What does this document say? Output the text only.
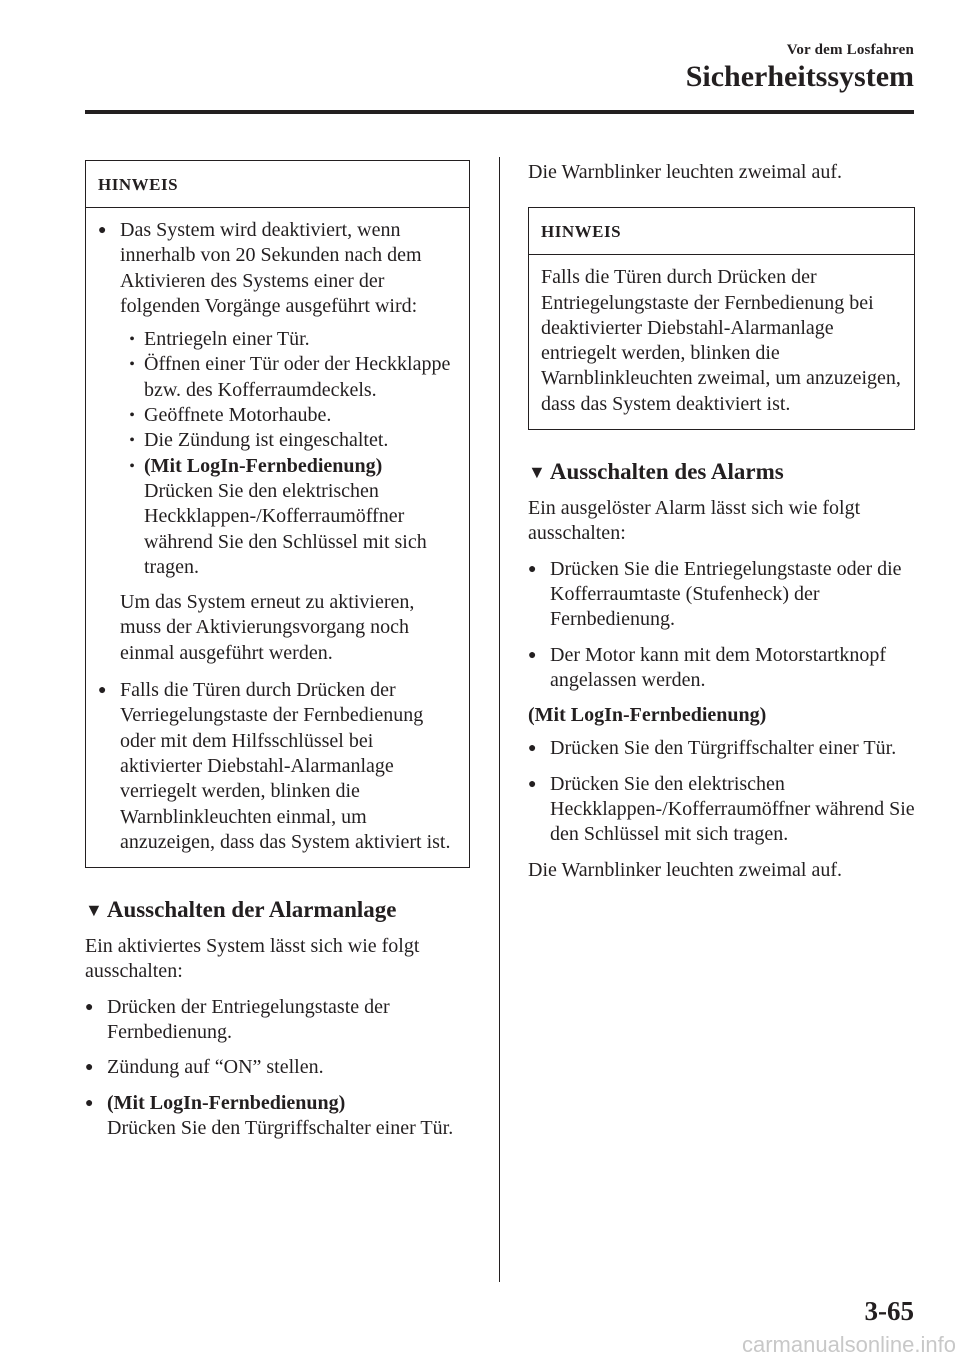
Vor dem Losfahren
Sicherheitssystem
HINWEIS
● Das System wird deaktiviert, wenn innerhalb von 20 Sekunden nach dem Aktivieren des Systems einer der folgenden Vorgänge ausgeführt wird:
• Entriegeln einer Tür.
• Öffnen einer Tür oder der Heckklappe bzw. des Kofferraumdeckels.
• Geöffnete Motorhaube.
• Die Zündung ist eingeschaltet.
• (Mit LogIn-Fernbedienung)
Drücken Sie den elektrischen Heckklappen-/Kofferraumöffner während Sie den Schlüssel mit sich tragen.
Um das System erneut zu aktivieren, muss der Aktivierungsvorgang noch einmal ausgeführt werden.
● Falls die Türen durch Drücken der Verriegelungstaste der Fernbedienung oder mit dem Hilfsschlüssel bei aktivierter Diebstahl-Alarmanlage verriegelt werden, blinken die Warnblinkleuchten einmal, um anzuzeigen, dass das System aktiviert ist.
▼ Ausschalten der Alarmanlage
Ein aktiviertes System lässt sich wie folgt ausschalten:
● Drücken der Entriegelungstaste der Fernbedienung.
● Zündung auf “ON” stellen.
● (Mit LogIn-Fernbedienung)
Drücken Sie den Türgriffschalter einer Tür.
Die Warnblinker leuchten zweimal auf.
HINWEIS
Falls die Türen durch Drücken der Entriegelungstaste der Fernbedienung bei deaktivierter Diebstahl-Alarmanlage entriegelt werden, blinken die Warnblinkleuchten zweimal, um anzuzeigen, dass das System deaktiviert ist.
▼ Ausschalten des Alarms
Ein ausgelöster Alarm lässt sich wie folgt ausschalten:
● Drücken Sie die Entriegelungstaste oder die Kofferraumtaste (Stufenheck) der Fernbedienung.
● Der Motor kann mit dem Motorstartknopf angelassen werden.
(Mit LogIn-Fernbedienung)
● Drücken Sie den Türgriffschalter einer Tür.
● Drücken Sie den elektrischen Heckklappen-/Kofferraumöffner während Sie den Schlüssel mit sich tragen.
Die Warnblinker leuchten zweimal auf.
3-65
carmanualsonline.info
